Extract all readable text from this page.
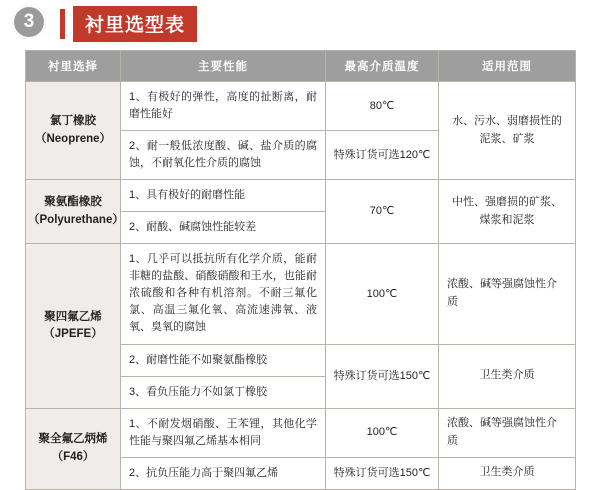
3	衬里选型表
衬里选择	主要性能	最高介质温度	适用范围

氯丁橡胶
（Neoprene）	1、有极好的弹性，高度的扯断离，耐磨性能好	80℃	水、污水、弱磨损性的泥浆、矿浆
	2、耐一般低浓度酸、碱、盐介质的腐蚀，不耐氧化性介质的腐蚀	特殊订货可选120℃	

聚氨酯橡胶
（Polyurethane）	1、具有极好的耐磨性能	70℃	中性、强磨损的矿浆、煤浆和泥浆
	2、耐酸、碱腐蚀性能较差		

聚四氟乙烯
（JPEFE）	1、几乎可以抵抗所有化学介质，能耐非糖的盐酸、硝酸硝酸和王水，也能耐浓硫酸和各种有机溶剂。不耐三氟化氯、高温三氟化氧、高流速沸氧、液氧、臭氧的腐蚀	100℃	浓酸、碱等强腐蚀性介质
	2、耐磨性能不如聚氨酯橡胶	特殊订货可选150℃	卫生类介质
	3、看负压能力不如氯丁橡胶		

聚全氟乙炳烯
（F46）	1、不耐发烟硝酸、王苯锂，其他化学性能与聚四氟乙烯基本相同	100℃	浓酸、碱等强腐蚀性介质
	2、抗负压能力高于聚四氟乙烯	特殊订货可选150℃	卫生类介质
